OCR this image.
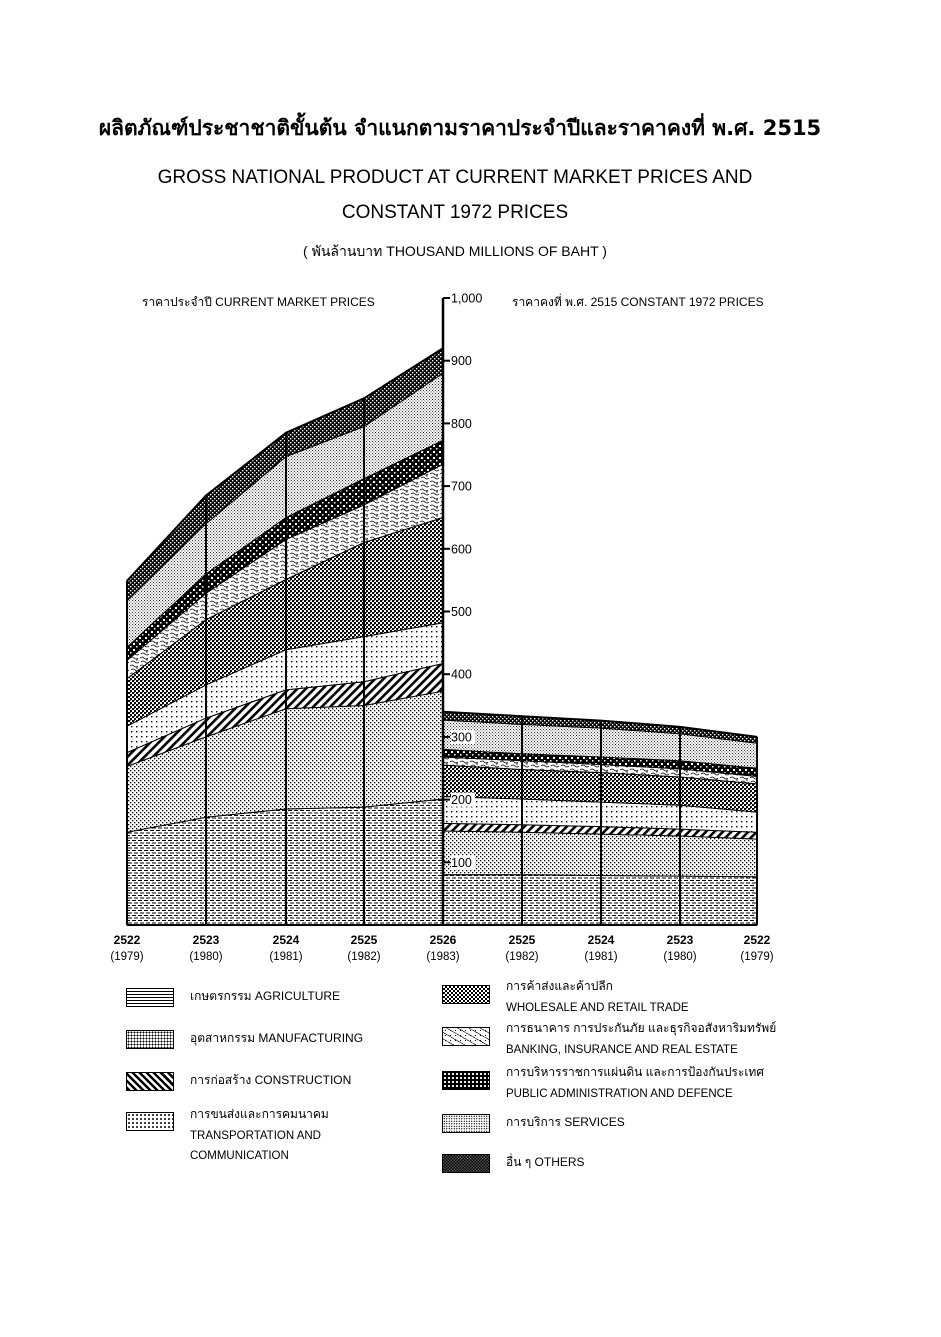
ผลิตภัณฑ์ประชาชาติขั้นต้น จำแนกตามราคาประจำปีและราคาคงที่ พ.ศ. 2515
GROSS NATIONAL PRODUCT AT CURRENT MARKET PRICES AND
CONSTANT 1972 PRICES
( พันล้านบาท THOUSAND MILLIONS OF BAHT )
ราคาประจำปี CURRENT MARKET PRICES	ราคาคงที่ พ.ศ. 2515 CONSTANT 1972 PRICES
100
200
300
400
500
600
700
800
900
1,000
2522
(1979)
2523
(1980)
2524
(1981)
2525
(1982)
2526
(1983)
2525
(1982)
2524
(1981)
2523
(1980)
2522
(1979)
เกษตรกรรม AGRICULTURE
อุตสาหกรรม MANUFACTURING
การก่อสร้าง CONSTRUCTION
การขนส่งและการคมนาคม
TRANSPORTATION AND
COMMUNICATION
การค้าส่งและค้าปลีก
WHOLESALE AND RETAIL TRADE
การธนาคาร การประกันภัย และธุรกิจอสังหาริมทรัพย์
BANKING, INSURANCE AND REAL ESTATE
การบริหารราชการแผ่นดิน และการป้องกันประเทศ
PUBLIC ADMINISTRATION AND DEFENCE
การบริการ SERVICES
อื่น ๆ OTHERS
